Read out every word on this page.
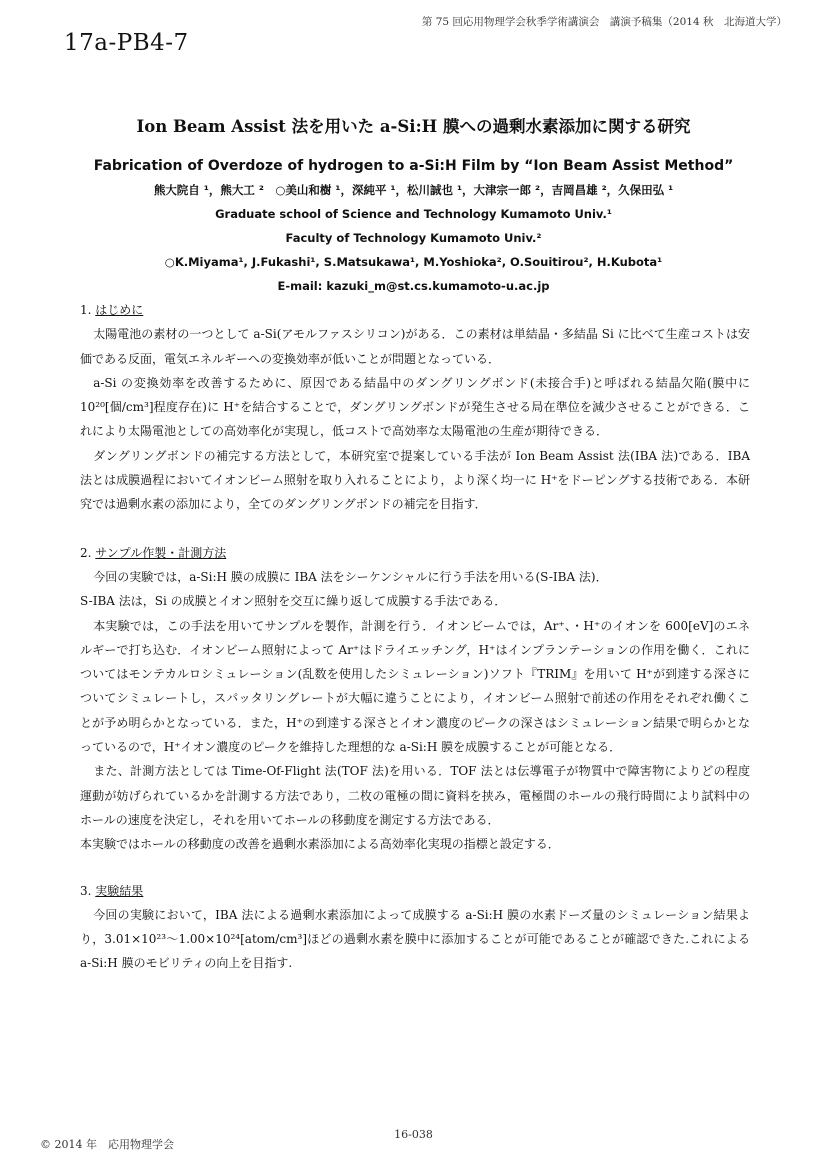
第 75 回応用物理学会秋季学術講演会　講演予稿集（2014 秋　北海道大学）
17a-PB4-7

Ion Beam Assist 法を用いた a-Si:H 膜への過剰水素添加に関する研究

Fabrication of Overdoze of hydrogen to a-Si:H Film by “Ion Beam Assist Method”

熊大院自 ¹，熊大工 ²　○美山和樹 ¹，深純平 ¹，松川誠也 ¹，大津宗一郎 ²，吉岡昌雄 ²，久保田弘 ¹

Graduate school of Science and Technology Kumamoto Univ.¹

Faculty of Technology Kumamoto Univ.²

○K.Miyama¹, J.Fukashi¹, S.Matsukawa¹, M.Yoshioka², O.Souitirou², H.Kubota¹

E-mail: kazuki_m@st.cs.kumamoto-u.ac.jp

1. はじめに

太陽電池の素材の一つとして a-Si(アモルファスシリコン)がある．この素材は単結晶・多結晶 Si に比べて生産コストは安価である反面，電気エネルギーへの変換効率が低いことが問題となっている．

a-Si の変換効率を改善するために、原因である結晶中のダングリングボンド(未接合手)と呼ばれる結晶欠陥(膜中に 10²⁰[個/cm³]程度存在)に H⁺を結合することで，ダングリングボンドが発生させる局在準位を減少させることができる．これにより太陽電池としての高効率化が実現し，低コストで高効率な太陽電池の生産が期待できる．

ダングリングボンドの補完する方法として，本研究室で提案している手法が Ion Beam Assist 法(IBA 法)である．IBA 法とは成膜過程においてイオンビーム照射を取り入れることにより，より深く均一に H⁺をドーピングする技術である．本研究では過剰水素の添加により，全てのダングリングボンドの補完を目指す．

2. サンプル作製・計測方法

今回の実験では，a-Si:H 膜の成膜に IBA 法をシーケンシャルに行う手法を用いる(S-IBA 法)．

S-IBA 法は，Si の成膜とイオン照射を交互に繰り返して成膜する手法である．

本実験では，この手法を用いてサンプルを製作，計測を行う．イオンビームでは，Ar⁺、・H⁺のイオンを 600[eV]のエネルギーで打ち込む．イオンビーム照射によって Ar⁺はドライエッチング，H⁺はインプランテーションの作用を働く．これについてはモンテカルロシミュレーション(乱数を使用したシミュレーション)ソフト『TRIM』を用いて H⁺が到達する深さについてシミュレートし，スパッタリングレートが大幅に違うことにより，イオンビーム照射で前述の作用をそれぞれ働くことが予め明らかとなっている．また，H⁺の到達する深さとイオン濃度のピークの深さはシミュレーション結果で明らかとなっているので，H⁺イオン濃度のピークを維持した理想的な a-Si:H 膜を成膜することが可能となる．

また、計測方法としては Time-Of-Flight 法(TOF 法)を用いる．TOF 法とは伝導電子が物質中で障害物によりどの程度運動が妨げられているかを計測する方法であり，二枚の電極の間に資料を挟み，電極間のホールの飛行時間により試料中のホールの速度を決定し，それを用いてホールの移動度を測定する方法である．

本実験ではホールの移動度の改善を過剰水素添加による高効率化実現の指標と設定する．

3. 実験結果

今回の実験において，IBA 法による過剰水素添加によって成膜する a-Si:H 膜の水素ドーズ量のシミュレーション結果より，3.01×10²³～1.00×10²⁴[atom/cm³]ほどの過剰水素を膜中に添加することが可能であることが確認できた.これによる a-Si:H 膜のモビリティの向上を目指す.

16-038
© 2014 年　応用物理学会
